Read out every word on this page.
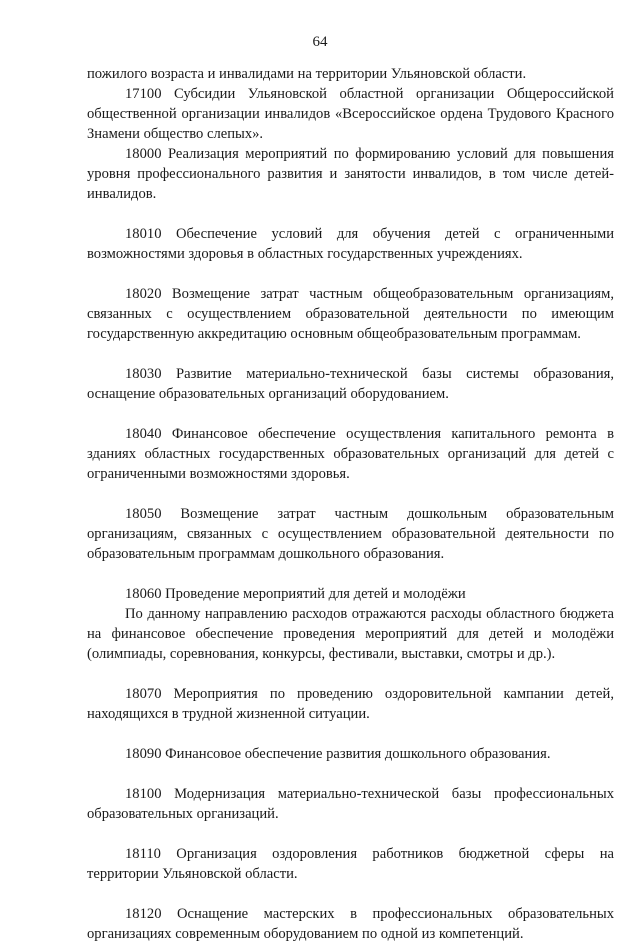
64

пожилого возраста и инвалидами на территории Ульяновской области.

17100 Субсидии Ульяновской областной организации Общероссийской общественной организации инвалидов «Всероссийское ордена Трудового Красного Знамени общество слепых».

18000 Реализация мероприятий по формированию условий для повышения уровня профессионального развития и занятости инвалидов, в том числе детей-инвалидов.

18010 Обеспечение условий для обучения детей с ограниченными возможностями здоровья в областных государственных учреждениях.

18020 Возмещение затрат частным общеобразовательным организациям, связанных с осуществлением образовательной деятельности по имеющим государственную аккредитацию основным общеобразовательным программам.

18030 Развитие материально-технической базы системы образования, оснащение образовательных организаций оборудованием.

18040 Финансовое обеспечение осуществления капитального ремонта в зданиях областных государственных образовательных организаций для детей с ограниченными возможностями здоровья.

18050 Возмещение затрат частным дошкольным образовательным организациям, связанных с осуществлением образовательной деятельности по образовательным программам дошкольного образования.

18060 Проведение мероприятий для детей и молодёжи

По данному направлению расходов отражаются расходы областного бюджета на финансовое обеспечение проведения мероприятий для детей и молодёжи (олимпиады, соревнования, конкурсы, фестивали, выставки, смотры и др.).

18070 Мероприятия по проведению оздоровительной кампании детей, находящихся в трудной жизненной ситуации.

18090 Финансовое обеспечение развития дошкольного образования.

18100 Модернизация материально-технической базы профессиональных образовательных организаций.

18110 Организация оздоровления работников бюджетной сферы на территории Ульяновской области.

18120 Оснащение мастерских в профессиональных образовательных организациях современным оборудованием по одной из компетенций.
